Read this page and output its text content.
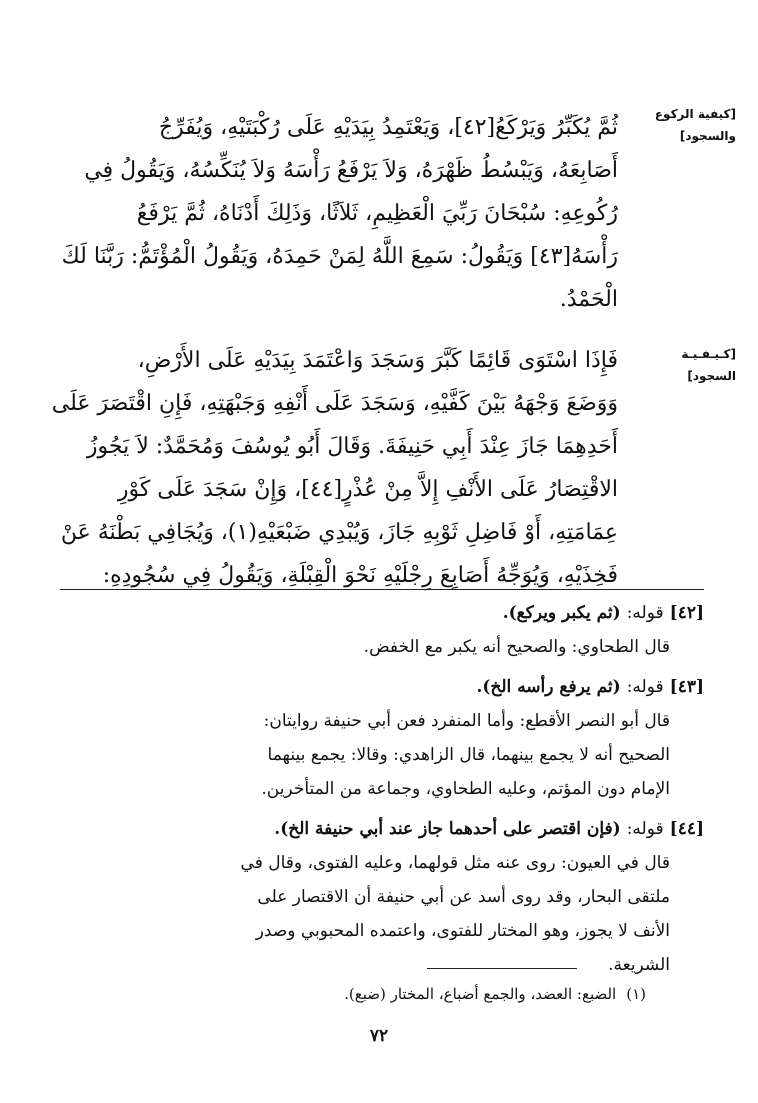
[كيفية الركوع
والسجود]
ثُمَّ يُكَبِّرُ وَيَرْكَعُ[٤٢]، وَيَعْتَمِدُ بِيَدَيْهِ عَلَى رُكْبَتَيْهِ، وَيُفَرِّجُ
أَصَابِعَهُ، وَيَبْسُطُ ظَهْرَهُ، وَلاَ يَرْفَعُ رَأْسَهُ وَلاَ يُنَكِّسُهُ، وَيَقُولُ فِي
رُكُوعِهِ: سُبْحَانَ رَبِّيَ الْعَظِيمِ، ثَلاَثًا، وَذَلِكَ أَدْنَاهُ، ثُمَّ يَرْفَعُ
رَأْسَهُ[٤٣] وَيَقُولُ: سَمِعَ اللَّهُ لِمَنْ حَمِدَهُ، وَيَقُولُ الْمُؤْتَمُّ: رَبَّنَا لَكَ
الْحَمْدُ.
[كـيـفـيـة
السجود]
فَإِذَا اسْتَوَى قَائِمًا كَبَّرَ وَسَجَدَ وَاعْتَمَدَ بِيَدَيْهِ عَلَى الأَرْضِ،
وَوَضَعَ وَجْهَهُ بَيْنَ كَفَّيْهِ، وَسَجَدَ عَلَى أَنْفِهِ وَجَبْهَتِهِ، فَإِنِ اقْتَصَرَ عَلَى
أَحَدِهِمَا جَازَ عِنْدَ أَبِي حَنِيفَةَ. وَقَالَ أَبُو يُوسُفَ وَمُحَمَّدٌ: لاَ يَجُوزُ
الاقْتِصَارُ عَلَى الأَنْفِ إِلاَّ مِنْ عُذْرٍ[٤٤]، وَإِنْ سَجَدَ عَلَى كَوْرِ
عِمَامَتِهِ، أَوْ فَاضِلِ ثَوْبِهِ جَازَ، وَيُبْدِي ضَبْعَيْهِ(١)، وَيُجَافِي بَطْنَهُ عَنْ
فَخِذَيْهِ، وَيُوَجِّهُ أَصَابِعَ رِجْلَيْهِ نَحْوَ الْقِبْلَةِ، وَيَقُولُ فِي سُجُودِهِ:
[٤٢]قوله:(ثم يكبر ويركع).
قال الطحاوي: والصحيح أنه يكبر مع الخفض.
[٤٣]قوله:(ثم يرفع رأسه الخ).
قال أبو النصر الأقطع: وأما المنفرد فعن أبي حنيفة روايتان:
الصحيح أنه لا يجمع بينهما، قال الزاهدي: وقالا: يجمع بينهما
الإمام دون المؤتم، وعليه الطحاوي، وجماعة من المتأخرين.
[٤٤]قوله:(فإن اقتصر على أحدهما جاز عند أبي حنيفة الخ).
قال في العيون: روى عنه مثل قولهما، وعليه الفتوى، وقال في
ملتقى البحار، وقد روى أسد عن أبي حنيفة أن الاقتصار على
الأنف لا يجوز، وهو المختار للفتوى، واعتمده المحبوبي وصدر
الشريعة.
(١)الضبع: العضد، والجمع أضباع، المختار (ضبع).
٧٢
